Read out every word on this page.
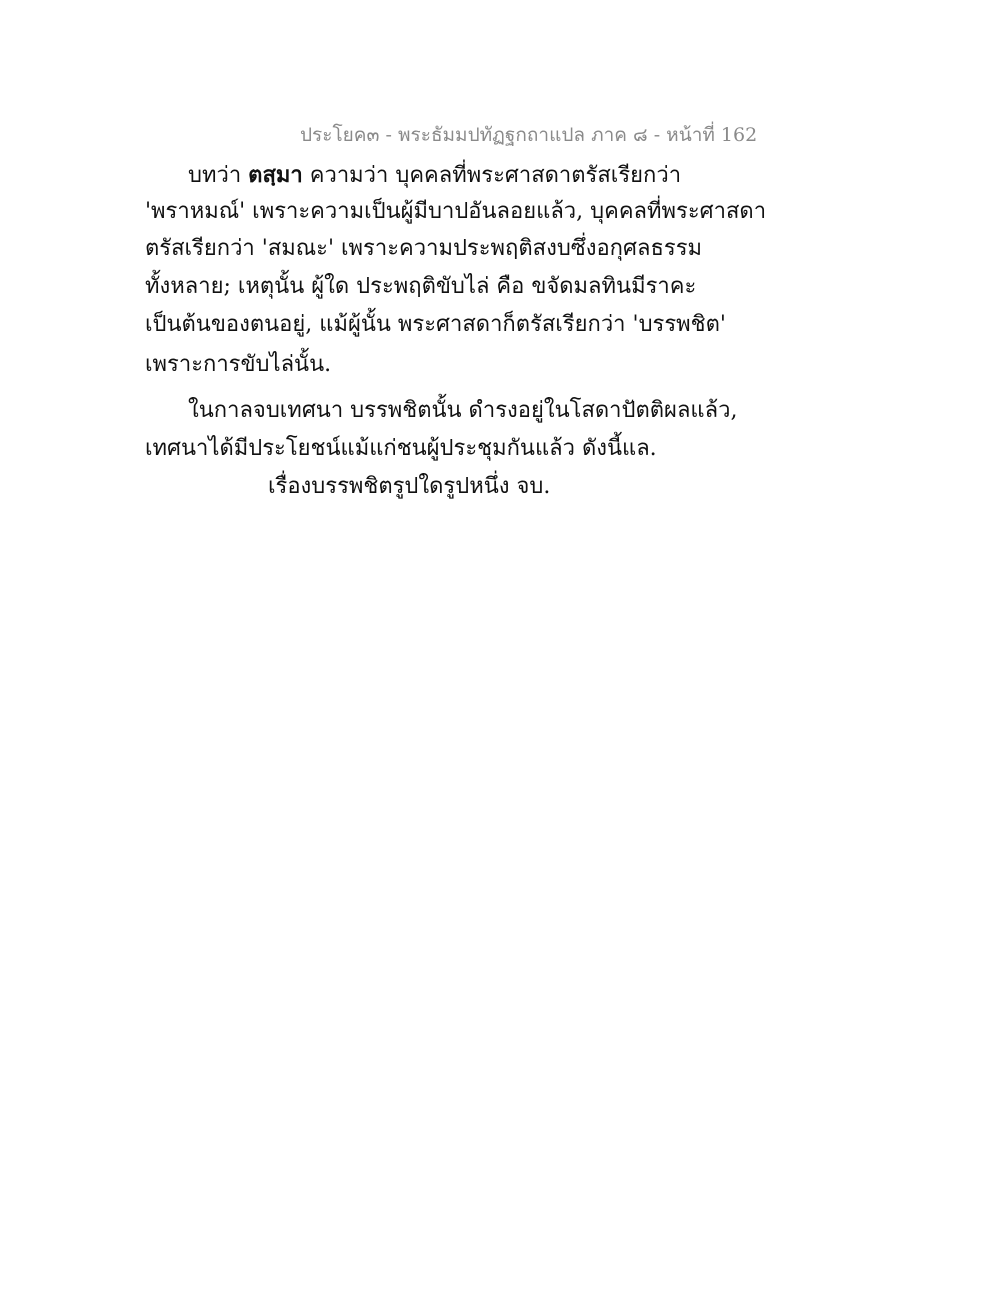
ประโยค๓ - พระธัมมปทัฏฐกถาแปล ภาค ๘ - หน้าที่ 162
บทว่า ตสฺมา ความว่า บุคคลที่พระศาสดาตรัสเรียกว่า
'พราหมณ์' เพราะความเป็นผู้มีบาปอันลอยแล้ว, บุคคลที่พระศาสดา
ตรัสเรียกว่า 'สมณะ' เพราะความประพฤติสงบซึ่งอกุศลธรรม
ทั้งหลาย; เหตุนั้น ผู้ใด ประพฤติขับไล่ คือ ขจัดมลทินมีราคะ
เป็นต้นของตนอยู่, แม้ผู้นั้น พระศาสดาก็ตรัสเรียกว่า 'บรรพชิต'
เพราะการขับไล่นั้น.
ในกาลจบเทศนา บรรพชิตนั้น ดำรงอยู่ในโสดาปัตติผลแล้ว,
เทศนาได้มีประโยชน์แม้แก่ชนผู้ประชุมกันแล้ว ดังนี้แล.
เรื่องบรรพชิตรูปใดรูปหนึ่ง จบ.
